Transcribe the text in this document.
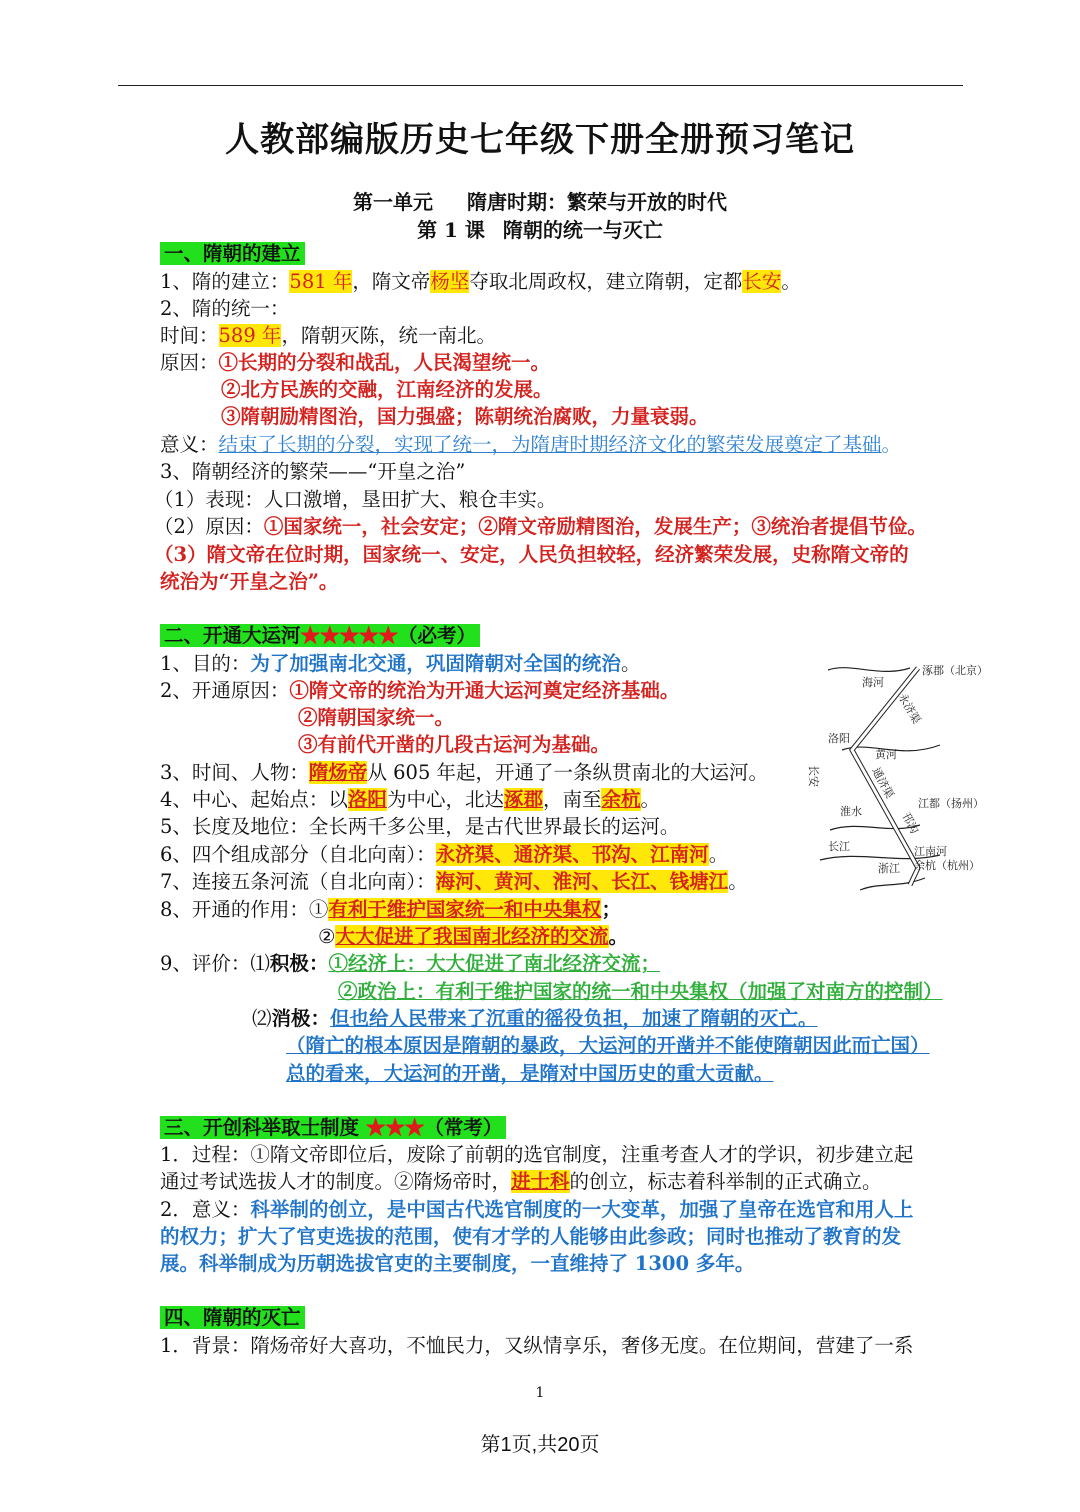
人教部编版历史七年级下册全册预习笔记
第一单元 隋唐时期：繁荣与开放的时代
第 1 课 隋朝的统一与灭亡
一、隋朝的建立
1、隋的建立：581 年，隋文帝杨坚夺取北周政权，建立隋朝，定都长安。
2、隋的统一：
时间：589 年，隋朝灭陈，统一南北。
原因：①长期的分裂和战乱，人民渴望统一。
②北方民族的交融，江南经济的发展。
③隋朝励精图治，国力强盛；陈朝统治腐败，力量衰弱。
意义：结束了长期的分裂，实现了统一，为隋唐时期经济文化的繁荣发展奠定了基础。
3、隋朝经济的繁荣——“开皇之治”
（1）表现：人口激增，垦田扩大、粮仓丰实。
（2）原因：①国家统一，社会安定；②隋文帝励精图治，发展生产；③统治者提倡节俭。
（3）隋文帝在位时期，国家统一、安定，人民负担较轻，经济繁荣发展，史称隋文帝的
统治为“开皇之治”。
二、开通大运河★★★★★（必考）
1、目的：为了加强南北交通，巩固隋朝对全国的统治。
2、开通原因：①隋文帝的统治为开通大运河奠定经济基础。
②隋朝国家统一。
③有前代开凿的几段古运河为基础。
3、时间、人物：隋炀帝从 605 年起，开通了一条纵贯南北的大运河。
4、中心、起始点：以洛阳为中心，北达涿郡，南至余杭。
5、长度及地位：全长两千多公里，是古代世界最长的运河。
6、四个组成部分（自北向南）：永济渠、通济渠、邗沟、江南河。
7、连接五条河流（自北向南）：海河、黄河、淮河、长江、钱塘江。
8、开通的作用：①有利于维护国家统一和中央集权；
②大大促进了我国南北经济的交流。
9、评价：⑴积极：①经济上：大大促进了南北经济交流；
②政治上：有利于维护国家的统一和中央集权（加强了对南方的控制）
⑵消极：但也给人民带来了沉重的徭役负担，加速了隋朝的灭亡。
（隋亡的根本原因是隋朝的暴政，大运河的开凿并不能使隋朝因此而亡国）
总的看来，大运河的开凿，是隋对中国历史的重大贡献。
涿郡（北京）
海河
永济渠
洛阳
黄河
长安	通济渠
淮水
江都（扬州）
邗沟
长江	江南河
余杭（杭州）
浙江
三、开创科举取士制度 ★★★（常考）
1．过程：①隋文帝即位后，废除了前朝的选官制度，注重考查人才的学识，初步建立起
通过考试选拔人才的制度。②隋炀帝时，进士科的创立，标志着科举制的正式确立。
2．意义：科举制的创立，是中国古代选官制度的一大变革，加强了皇帝在选官和用人上
的权力；扩大了官吏选拔的范围，使有才学的人能够由此参政；同时也推动了教育的发
展。科举制成为历朝选拔官吏的主要制度，一直维持了 1300 多年。
四、隋朝的灭亡
1．背景：隋炀帝好大喜功，不恤民力，又纵情享乐，奢侈无度。在位期间，营建了一系
1
第1页,共20页
